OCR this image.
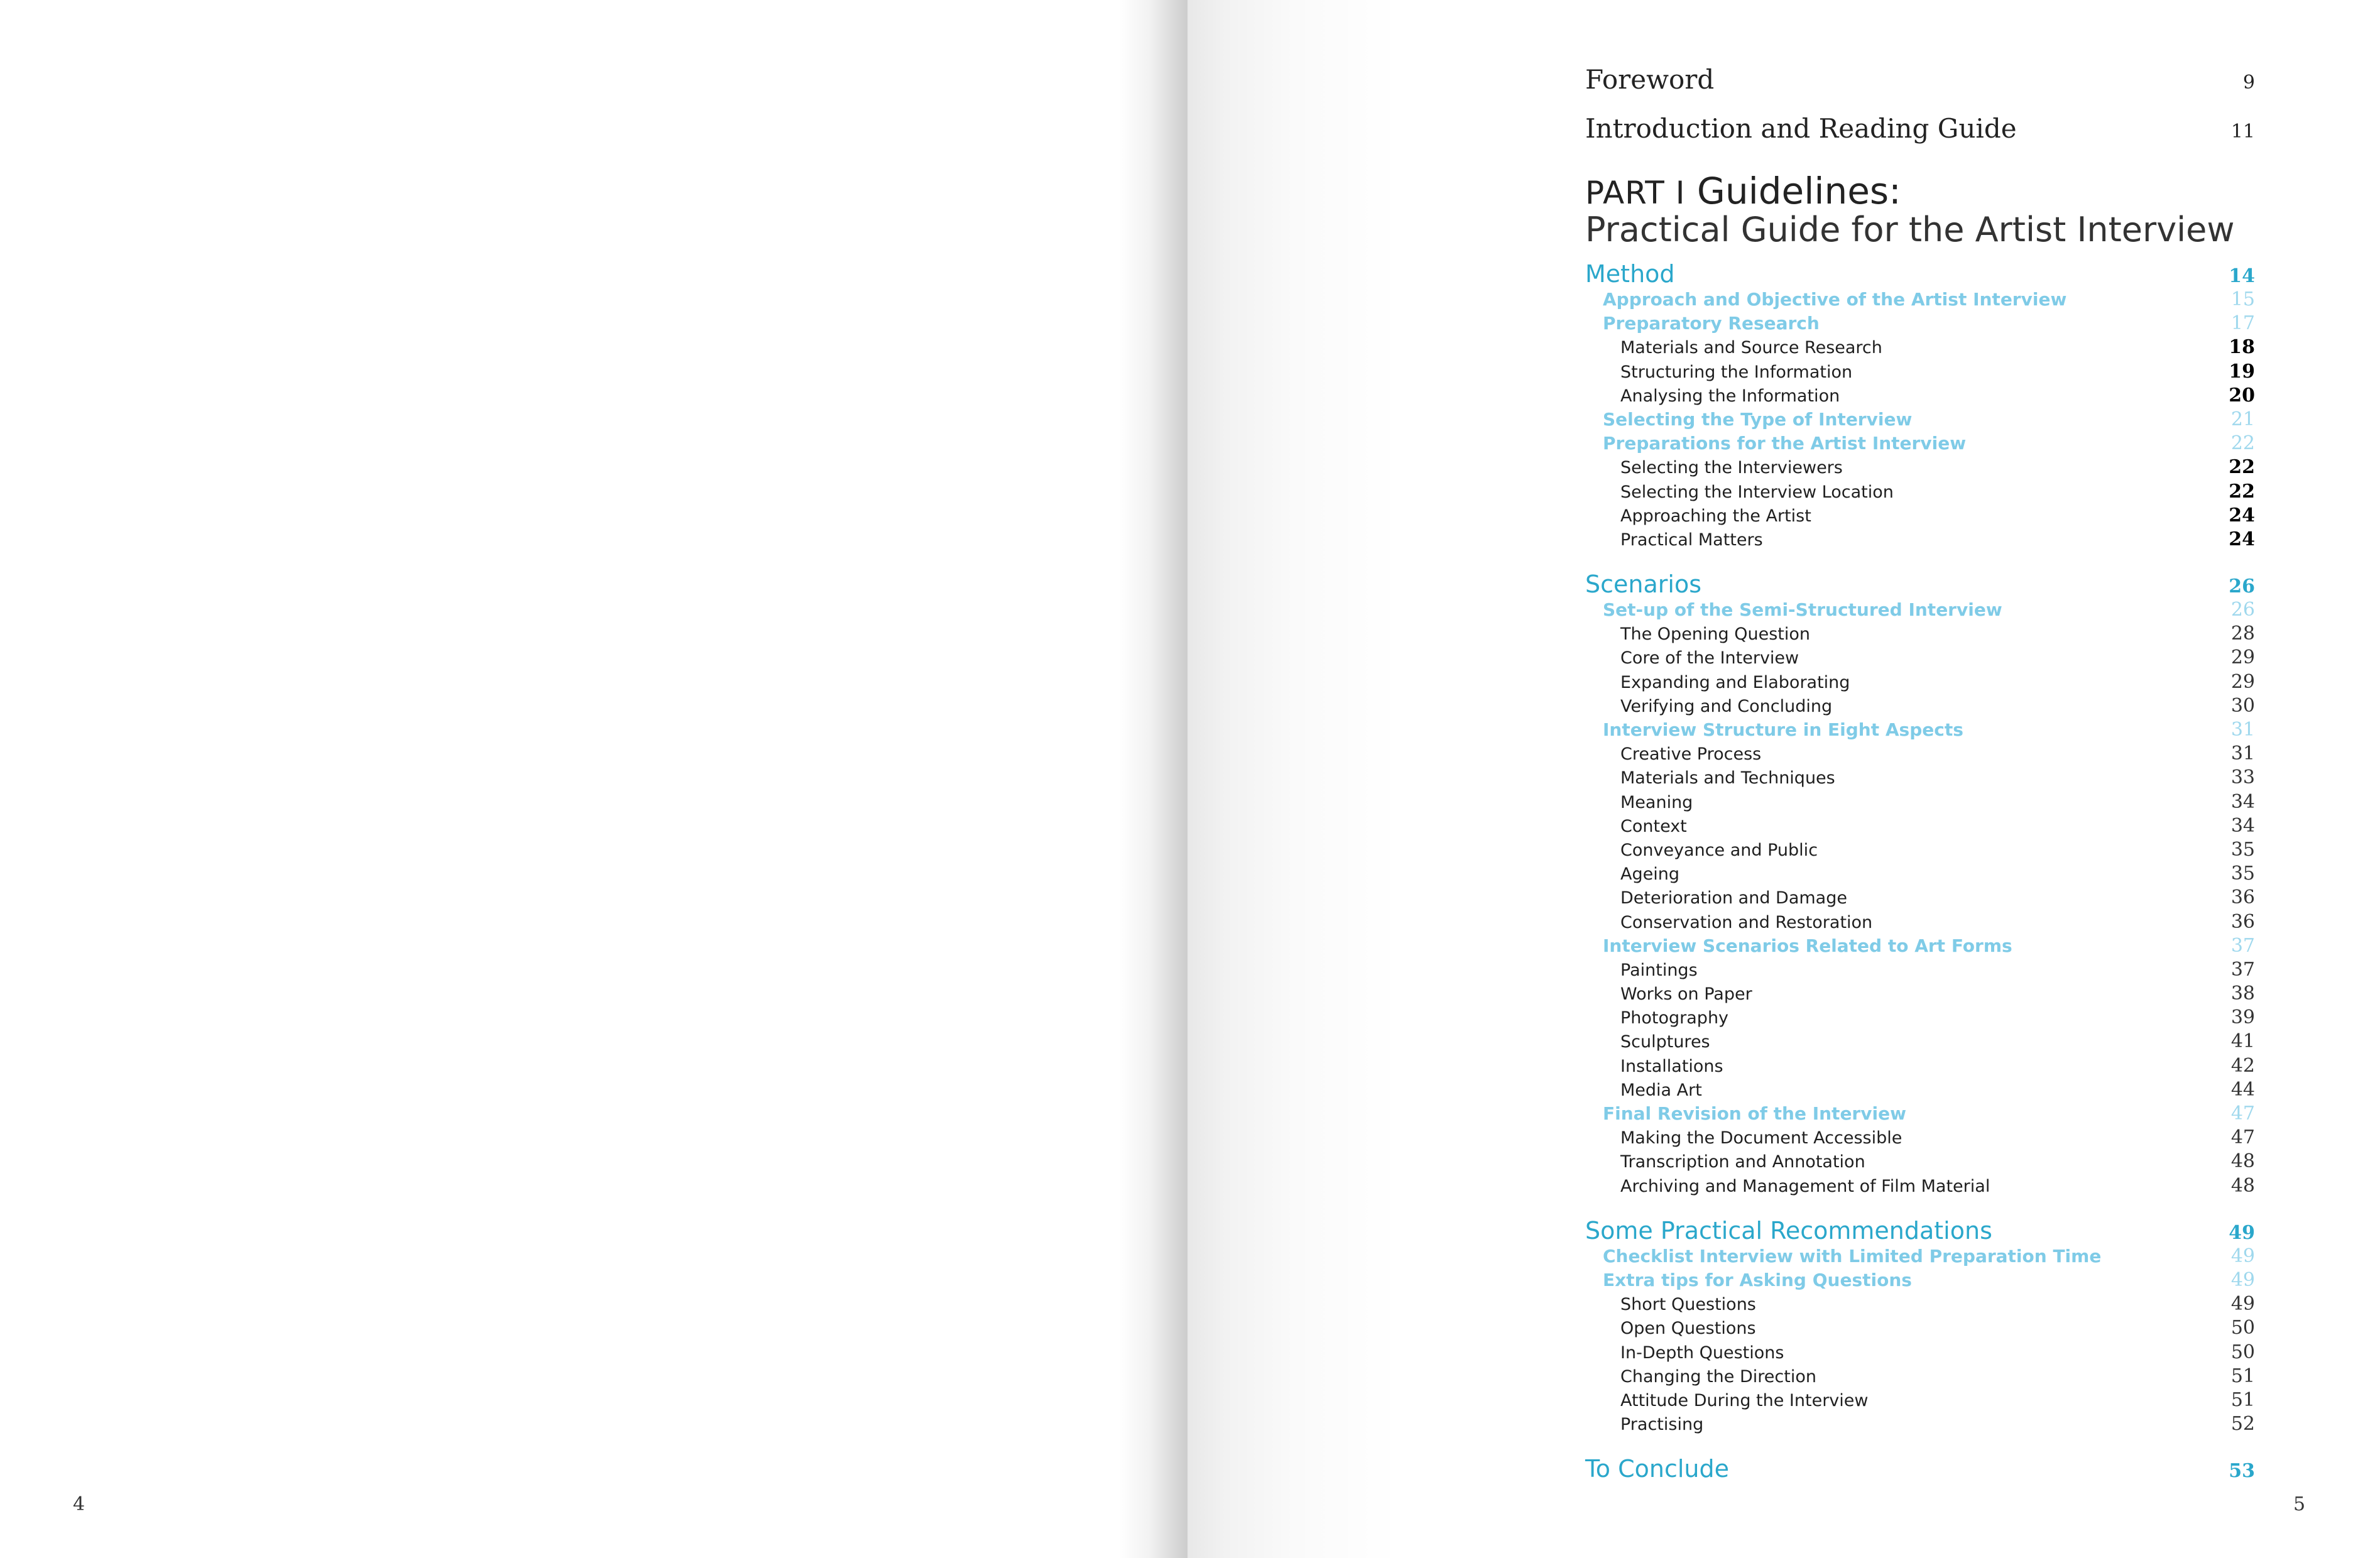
4	5
Foreword	9
Introduction and Reading Guide	11
PART I Guidelines:
Practical Guide for the Artist Interview
Method	14
Approach and Objective of the Artist Interview	15
Preparatory Research	17
Materials and Source Research	18
Structuring the Information	19
Analysing the Information	20
Selecting the Type of Interview	21
Preparations for the Artist Interview	22
Selecting the Interviewers	22
Selecting the Interview Location	22
Approaching the Artist	24
Practical Matters	24
Scenarios	26
Set-up of the Semi-Structured Interview	26
The Opening Question	28
Core of the Interview	29
Expanding and Elaborating	29
Verifying and Concluding	30
Interview Structure in Eight Aspects	31
Creative Process	31
Materials and Techniques	33
Meaning	34
Context	34
Conveyance and Public	35
Ageing	35
Deterioration and Damage	36
Conservation and Restoration	36
Interview Scenarios Related to Art Forms	37
Paintings	37
Works on Paper	38
Photography	39
Sculptures	41
Installations	42
Media Art	44
Final Revision of the Interview	47
Making the Document Accessible	47
Transcription and Annotation	48
Archiving and Management of Film Material	48
Some Practical Recommendations	49
Checklist Interview with Limited Preparation Time	49
Extra tips for Asking Questions	49
Short Questions	49
Open Questions	50
In-Depth Questions	50
Changing the Direction	51
Attitude During the Interview	51
Practising	52
To Conclude	53
